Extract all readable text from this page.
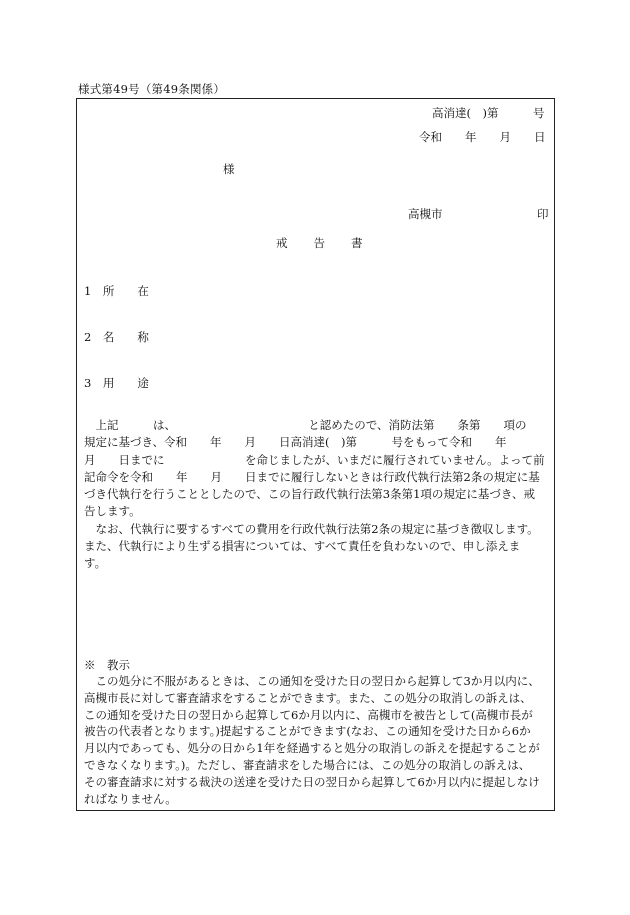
様式第49号（第49条関係）
高消達(　)第　　　号
令和　　年　　月　　日
様
高槻市	印
戒　　告　　書
1　所　　在
2　名　　称
3　用　　途

　上記　　　は、　　　　　　　　　　　　と認めたので、消防法第　　条第　　項の

規定に基づき、令和　　年　　月　　日高消達(　)第　　　号をもって令和　　年

月　　日までに　　　　　　　を命じましたが、いまだに履行されていません。よって前

記命令を令和　　年　　月　　日までに履行しないときは行政代執行法第2条の規定に基

づき代執行を行うこととしたので、この旨行政代執行法第3条第1項の規定に基づき、戒

告します。

　なお、代執行に要するすべての費用を行政代執行法第2条の規定に基づき徴収します。

また、代執行により生ずる損害については、すべて責任を負わないので、申し添えま

す。

※　教示

　この処分に不服があるときは、この通知を受けた日の翌日から起算して3か月以内に、

高槻市長に対して審査請求をすることができます。また、この処分の取消しの訴えは、

この通知を受けた日の翌日から起算して6か月以内に、高槻市を被告として(高槻市長が

被告の代表者となります。)提起することができます(なお、この通知を受けた日から6か

月以内であっても、処分の日から1年を経過すると処分の取消しの訴えを提起することが

できなくなります。)。ただし、審査請求をした場合には、この処分の取消しの訴えは、

その審査請求に対する裁決の送達を受けた日の翌日から起算して6か月以内に提起しなけ

ればなりません。
